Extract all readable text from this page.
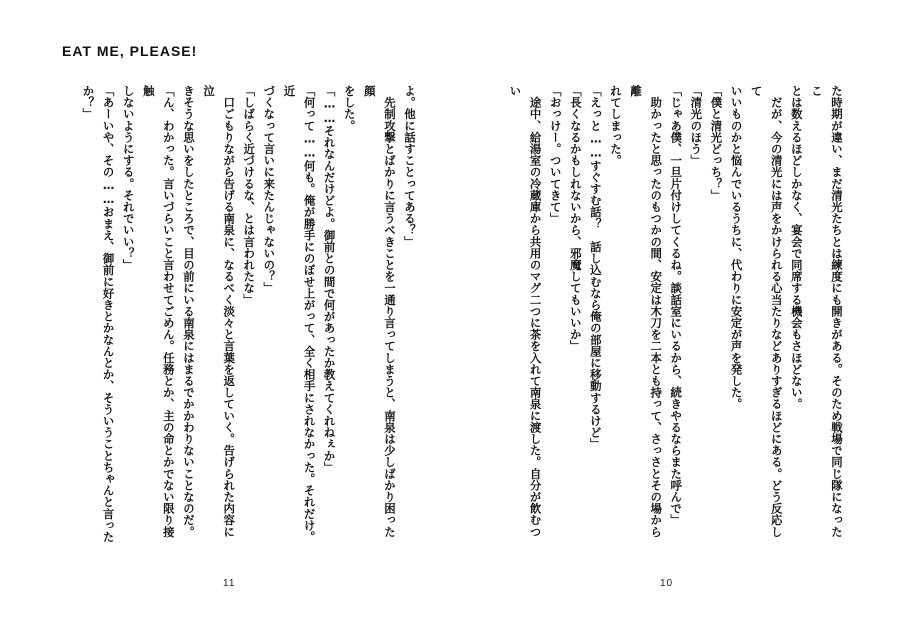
EAT ME, PLEASE!

よ。他に話すことってある？」

　先制攻撃とばかりに言うべきことを一通り言ってしまうと、南泉は少しばかり困った顔

をした。

「……それなんだけどよ。御前との間で何があったか教えてくれねぇか」

「何って……何も。俺が勝手にのぼせ上がって、全く相手にされなかった。それだけ。近

づくなって言いに来たんじゃないの？」

「しばらく近づけるな、とは言われたな」

　口ごもりながら告げる南泉に、なるべく淡々と言葉を返していく。告げられた内容に泣

きそうな思いをしたところで、目の前にいる南泉にはまるでかかわりないことなのだ。

「ん、わかった。言いづらいこと言わせてごめん。任務とか、主の命とかでない限り接触

しないようにする。それでいい？」

「あーいや、その……おまえ、御前に好きとかなんとか、そういうことちゃんと言った

か？」	た時期が違い、まだ清光たちとは練度にも開きがある。そのため戦場で同じ隊になったこ

とは数えるほどしかなく、宴会で同席する機会もさほどない。

　だが、今の清光には声をかけられる心当たりなどありすぎるほどにある。どう反応して

いいものかと悩んでいるうちに、代わりに安定が声を発した。

「僕と清光どっち？」

「清光のほう」

「じゃあ僕、一旦片付けしてくるね。談話室にいるから、続きやるならまた呼んで」

　助かったと思ったのもつかの間、安定は木刀を二本とも持って、さっさとその場から離

れてしまった。

「えっと……すぐすむ話？　話し込むなら俺の部屋に移動するけど」

「長くなるかもしれないから、邪魔してもいいか」

「おっけー。ついてきて」

　途中、給湯室の冷蔵庫から共用のマグ二つに茶を入れて南泉に渡した。自分が飲むつい

11	10
